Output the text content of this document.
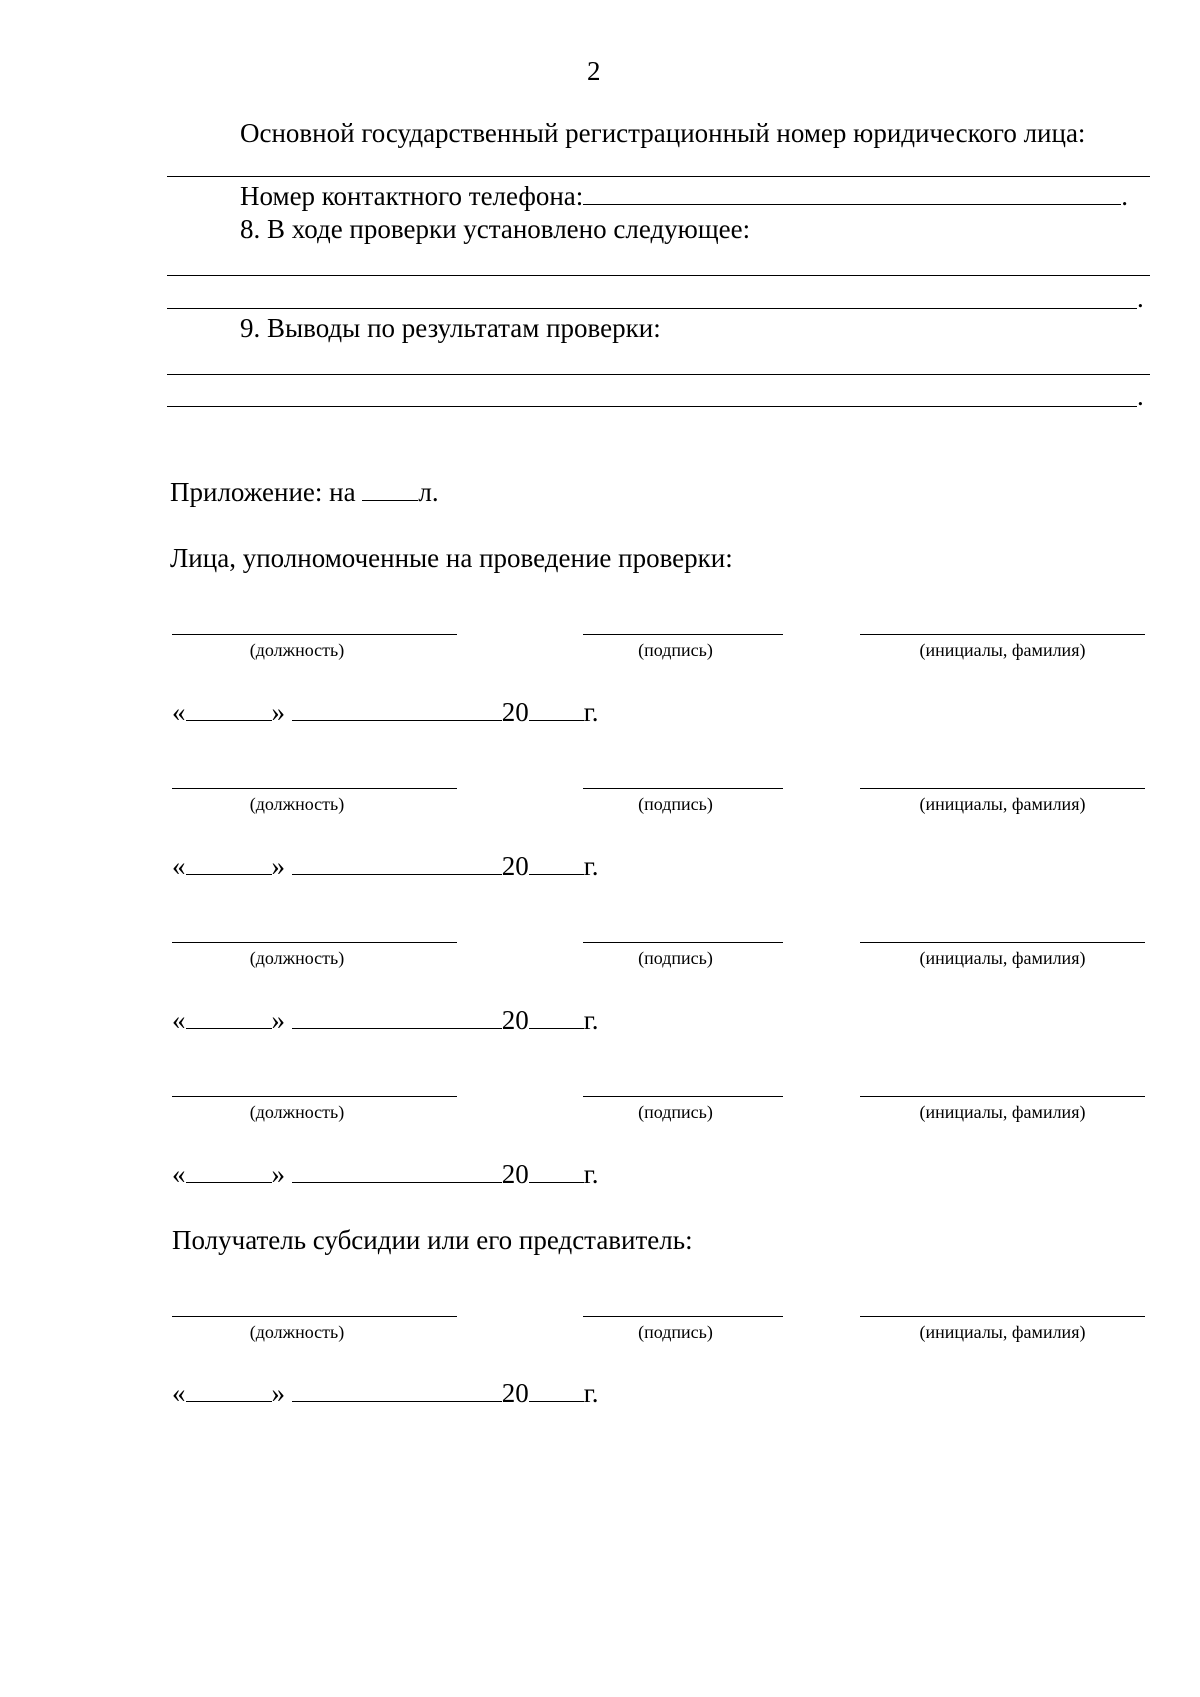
2
Основной государственный регистрационный номер юридического лица:
Номер контактного телефона:	.
8. В ходе проверки установлено следующее:
.
9. Выводы по результатам проверки:
.
Приложение: на л.
Лица, уполномоченные на проведение проверки:
(должность)	(подпись)	(инициалы, фамилия)
«	»	20 г.
(должность)	(подпись)	(инициалы, фамилия)
«	»	20 г.
(должность)	(подпись)	(инициалы, фамилия)
«	»	20 г.
(должность)	(подпись)	(инициалы, фамилия)
«	»	20 г.
Получатель субсидии или его представитель:
(должность)	(подпись)	(инициалы, фамилия)
«	»	20 г.
